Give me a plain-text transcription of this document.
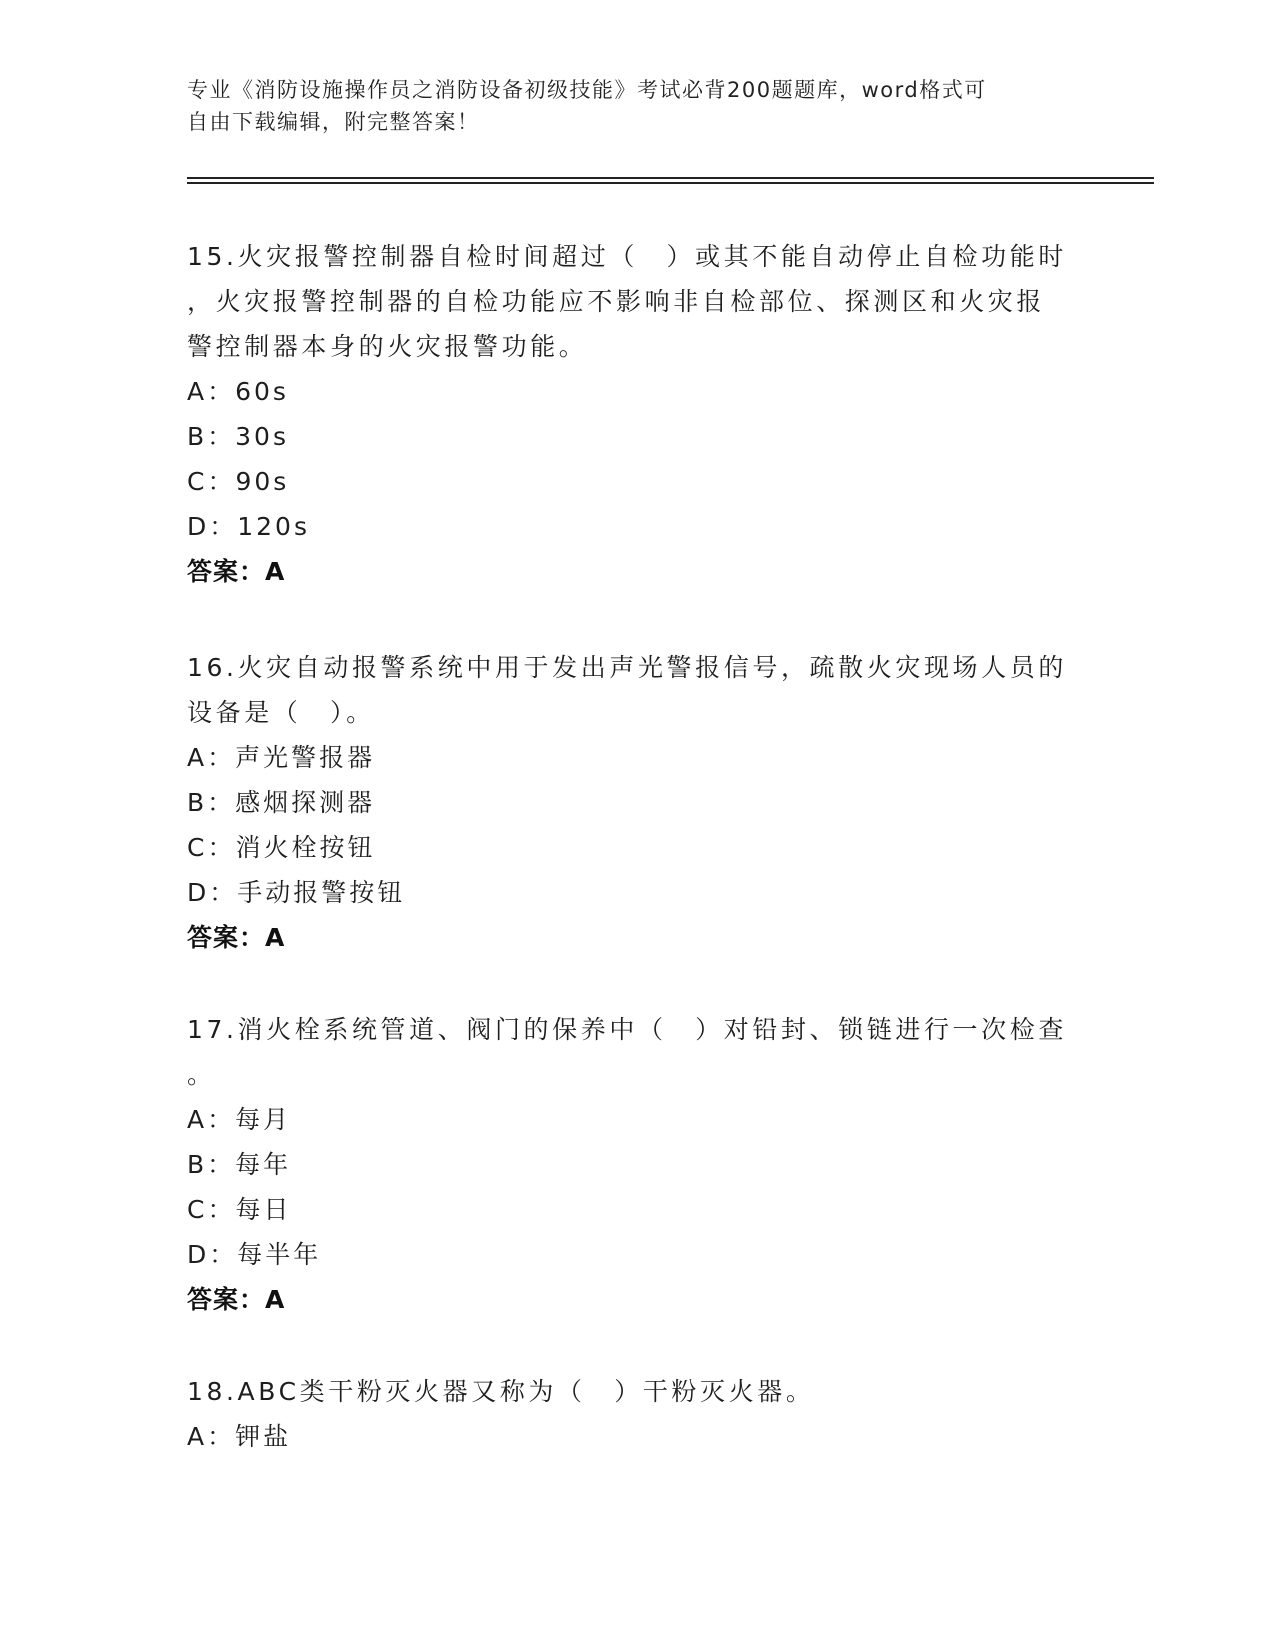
专业《消防设施操作员之消防设备初级技能》考试必背200题题库，word格式可
自由下载编辑，附完整答案！
15.火灾报警控制器自检时间超过（　）或其不能自动停止自检功能时
，火灾报警控制器的自检功能应不影响非自检部位、探测区和火灾报
警控制器本身的火灾报警功能。
A：60s
B：30s
C：90s
D：120s
答案：A
16.火灾自动报警系统中用于发出声光警报信号，疏散火灾现场人员的
设备是（　）。
A：声光警报器
B：感烟探测器
C：消火栓按钮
D：手动报警按钮
答案：A
17.消火栓系统管道、阀门的保养中（　）对铅封、锁链进行一次检查
。
A：每月
B：每年
C：每日
D：每半年
答案：A
18.ABC类干粉灭火器又称为（　）干粉灭火器。
A：钾盐
